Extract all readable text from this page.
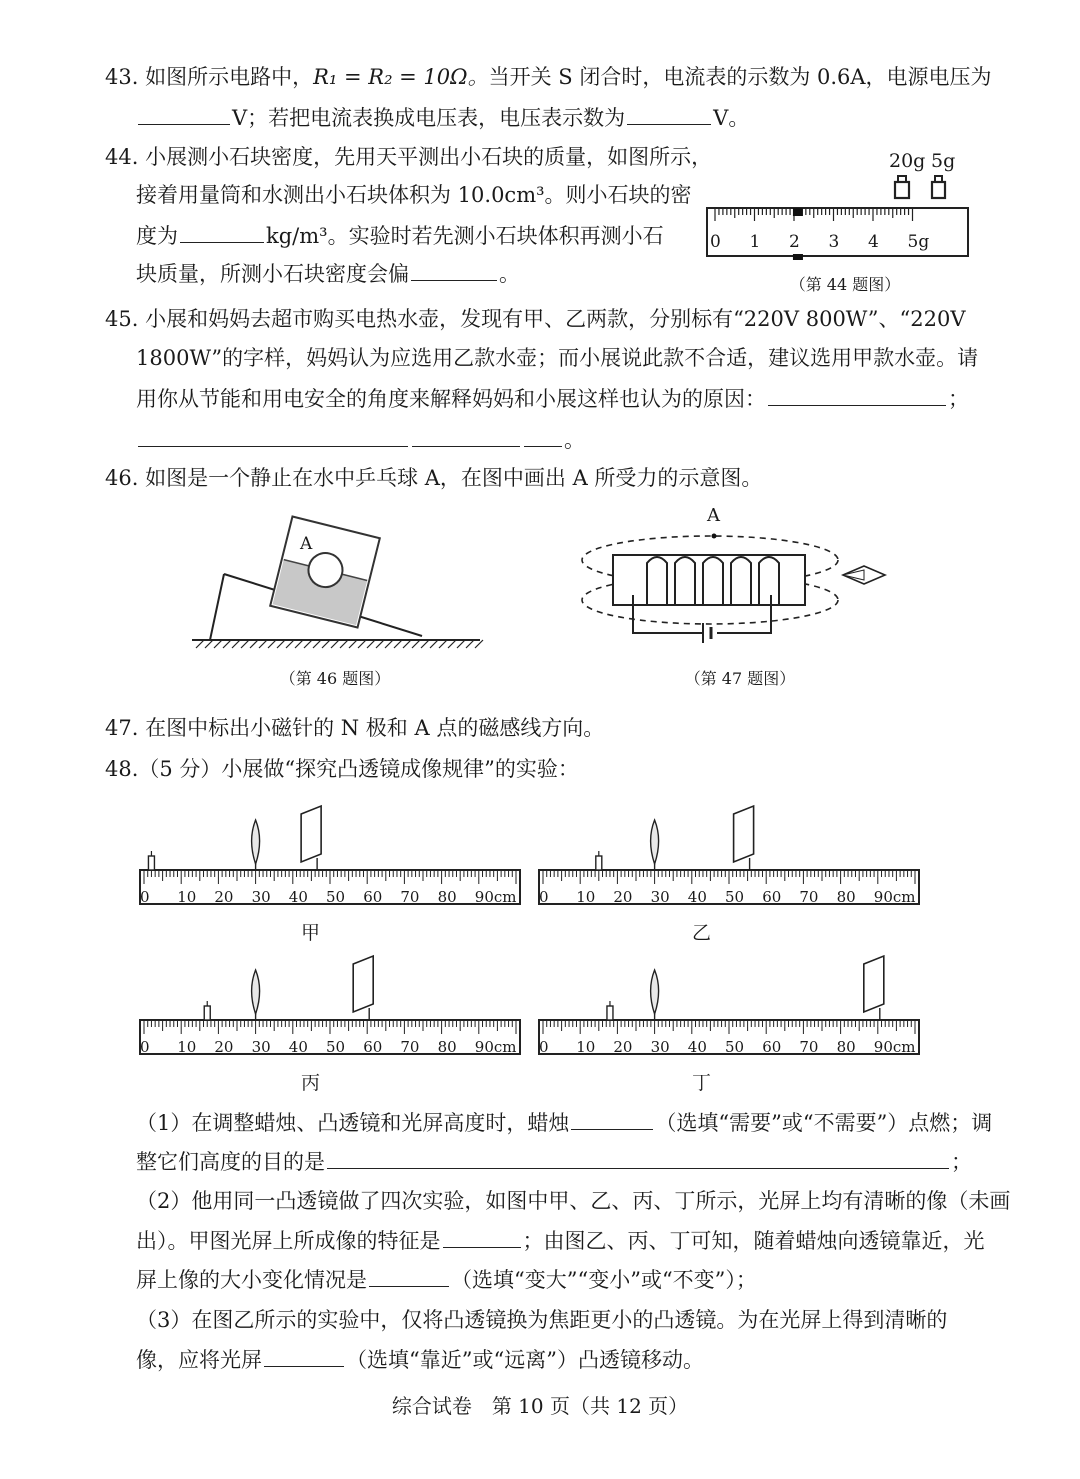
43. 如图所示电路中，R₁ = R₂ = 10Ω。当开关 S 闭合时，电流表的示数为 0.6A，电源电压为
V；若把电流表换成电压表，电压表示数为	V。
44. 小展测小石块密度，先用天平测出小石块的质量，如图所示，
接着用量筒和水测出小石块体积为 10.0cm³。则小石块的密
度为	kg/m³。实验时若先测小石块体积再测小石
块质量，所测小石块密度会偏	。
20g 5g
0 1 2 3 4 5g
（第 44 题图）
45. 小展和妈妈去超市购买电热水壶，发现有甲、乙两款，分别标有“220V 800W”、“220V
1800W”的字样，妈妈认为应选用乙款水壶；而小展说此款不合适，建议选用甲款水壶。请
用你从节能和用电安全的角度来解释妈妈和小展这样也认为的原因：	；
。
46. 如图是一个静止在水中乒乓球 A，在图中画出 A 所受力的示意图。
A
（第 46 题图）
A
（第 47 题图）
47. 在图中标出小磁针的 N 极和 A 点的磁感线方向。
48.（5 分）小展做“探究凸透镜成像规律”的实验：
0 10 20 30 40 50 60 70 80 90cm
甲
0 10 20 30 40 50 60 70 80 90cm
乙
0 10 20 30 40 50 60 70 80 90cm
丙
0 10 20 30 40 50 60 70 80 90cm
丁
（1）在调整蜡烛、凸透镜和光屏高度时，蜡烛	（选填“需要”或“不需要”）点燃；调
整它们高度的目的是	；
（2）他用同一凸透镜做了四次实验，如图中甲、乙、丙、丁所示，光屏上均有清晰的像（未画
出）。甲图光屏上所成像的特征是	；由图乙、丙、丁可知，随着蜡烛向透镜靠近，光
屏上像的大小变化情况是	（选填“变大”“变小”或“不变”）；
（3）在图乙所示的实验中，仅将凸透镜换为焦距更小的凸透镜。为在光屏上得到清晰的
像，应将光屏	（选填“靠近”或“远离”）凸透镜移动。
综合试卷　第 10 页（共 12 页）
